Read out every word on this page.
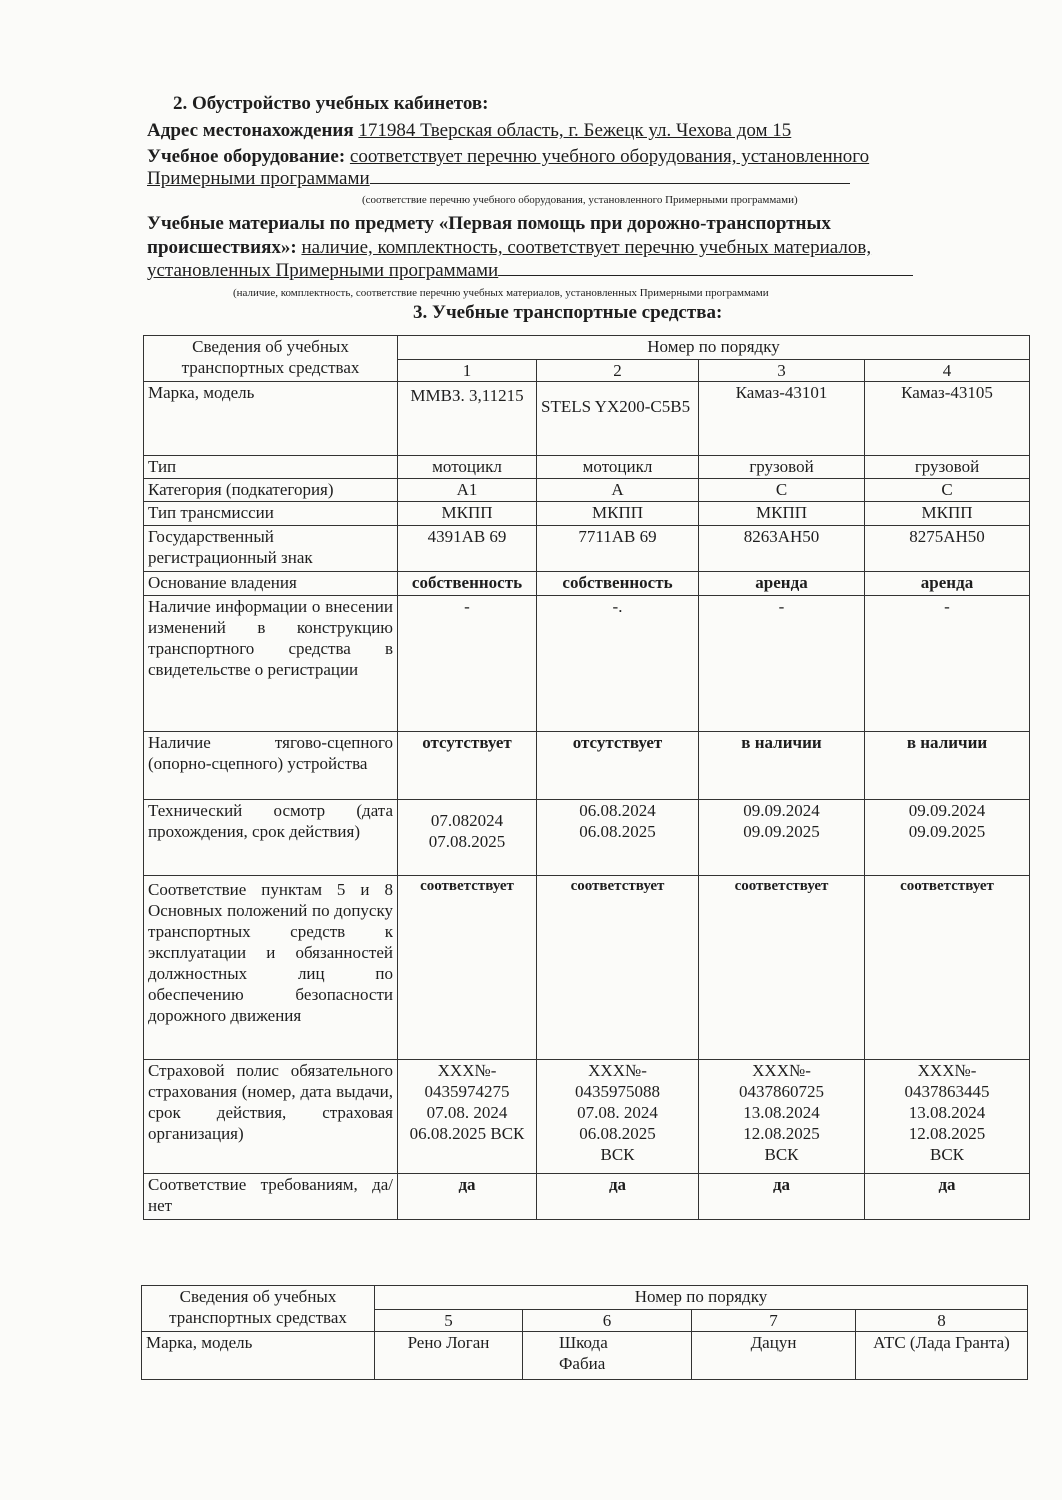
2. Обустройство учебных кабинетов:
Адрес местонахождения 171984 Тверская область, г. Бежецк ул. Чехова дом 15
Учебное оборудование: соответствует перечню учебного оборудования, установленного
Примерными программами
(соответствие перечню учебного оборудования, установленного Примерными программами)
Учебные материалы по предмету «Первая помощь при дорожно-транспортных
происшествиях»: наличие, комплектность, соответствует перечню учебных материалов,
установленных Примерными программами
(наличие, комплектность, соответствие перечню учебных материалов, установленных Примерными программами
3. Учебные транспортные средства:
Сведения об учебных транспортных средствах	Номер по порядку			
	1	2	3	4
Марка, модель	ММВЗ. 3,11215	STELS YX200-C5B5	Камаз-43101	Камаз-43105
Тип	мотоцикл	мотоцикл	грузовой	грузовой
Категория (подкатегория)	A1	A	C	C
Тип трансмиссии	МКПП	МКПП	МКПП	МКПП
Государственный регистрационный знак	4391AB 69	7711AB 69	8263AH50	8275AH50
Основание владения	собственность	собственность	аренда	аренда
Наличие информации о внесении изменений в конструкцию транспортного средства в свидетельстве о регистрации	-	-.	-	-
Наличие тягово-сцепного (опорно-сцепного) устройства	отсутствует	отсутствует	в наличии	в наличии
Технический осмотр (дата прохождения, срок действия)	07.082024 07.08.2025	06.08.2024 06.08.2025	09.09.2024 09.09.2025	09.09.2024 09.09.2025
Соответствие пунктам 5 и 8 Основных положений по допуску транспортных средств к эксплуатации и обязанностей должностных лиц по обеспечению безопасности дорожного движения	соответствует	соответствует	соответствует	соответствует
Страховой полис обязательного страхования (номер, дата выдачи, срок действия, страховая организация)	XXX№- 0435974275 07.08. 2024 06.08.2025 ВСК	XXX№- 0435975088 07.08. 2024 06.08.2025 ВСК	XXX№- 0437860725 13.08.2024 12.08.2025 ВСК	XXX№- 0437863445 13.08.2024 12.08.2025 ВСК
Соответствие требованиям, да/нет	да	да	да	да
Сведения об учебных транспортных средствах	Номер по порядку			
	5	6	7	8
Марка, модель	Рено Логан	Шкода Фабиа	Дацун	АТС (Лада Гранта)
